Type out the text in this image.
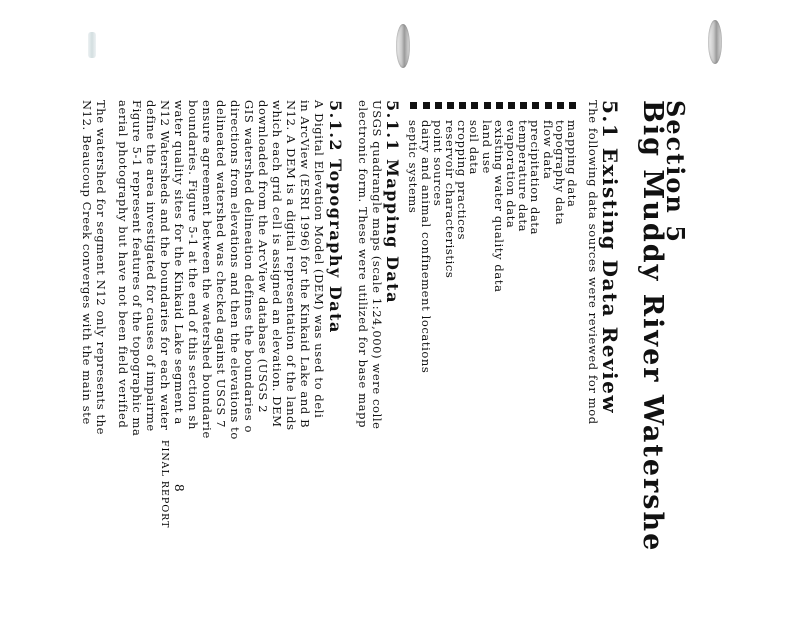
Section 5
Big Muddy River Watershe
5.1 Existing Data Review
The following data sources were reviewed for mod
mapping data
topography data
flow data
precipitation data
temperature data
evaporation data
existing water quality data
land use
soil data
cropping practices
reservoir characteristics
point sources
dairy and animal confinement locations
septic systems
5.1.1 Mapping Data
USGS quadrangle maps (scale 1:24,000) were colle
electronic form. These were utilized for base mapp
5.1.2 Topography Data
A Digital Elevation Model (DEM) was used to deli
in ArcView (ESRI 1996) for the Kinkaid Lake and B
N12. A DEM is a digital representation of the lands
which each grid cell is assigned an elevation. DEM
downloaded from the ArcView database (USGS 2
GIS watershed delineation defines the boundaries o
directions from elevations and then the elevations to
delineated watershed was checked against USGS 7
ensure agreement between the watershed boundarie
boundaries. Figure 5-1 at the end of this section sh
water quality sites for the Kinkaid Lake segment a
N12 Watersheds and the boundaries for each water
define the area investigated for causes of impairme
Figure 5-1 represent features of the topographic ma
aerial photography but have not been field verified
The watershed for segment N12 only represents the
N12. Beaucoup Creek converges with the main ste
8
FINAL REPORT
